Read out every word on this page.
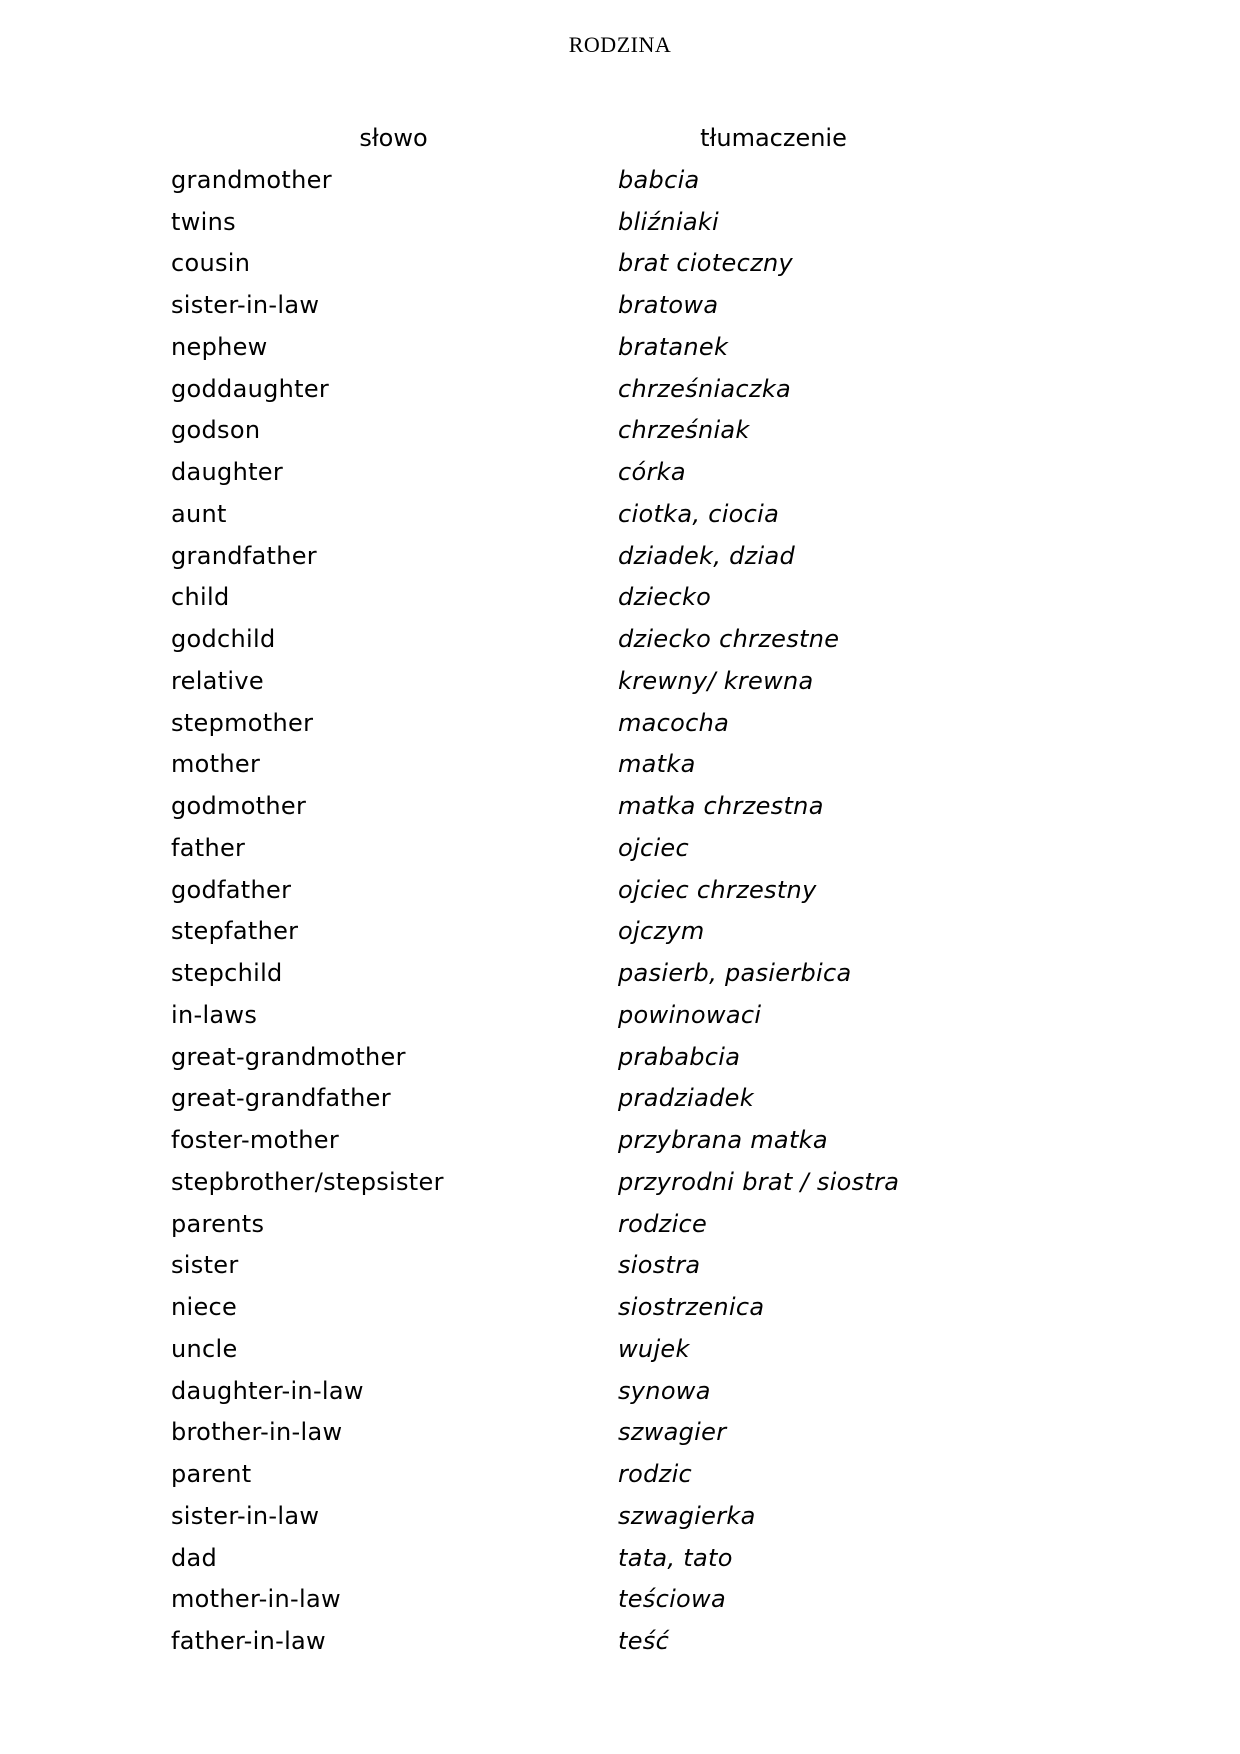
RODZINA
słowo	tłumaczenie
grandmother	babcia
twins	bliźniaki
cousin	brat cioteczny
sister-in-law	bratowa
nephew	bratanek
goddaughter	chrześniaczka
godson	chrześniak
daughter	córka
aunt	ciotka, ciocia
grandfather	dziadek, dziad
child	dziecko
godchild	dziecko chrzestne
relative	krewny/ krewna
stepmother	macocha
mother	matka
godmother	matka chrzestna
father	ojciec
godfather	ojciec chrzestny
stepfather	ojczym
stepchild	pasierb, pasierbica
in-laws	powinowaci
great-grandmother	prababcia
great-grandfather	pradziadek
foster-mother	przybrana matka
stepbrother/stepsister	przyrodni brat / siostra
parents	rodzice
sister	siostra
niece	siostrzenica
uncle	wujek
daughter-in-law	synowa
brother-in-law	szwagier
parent	rodzic
sister-in-law	szwagierka
dad	tata, tato
mother-in-law	teściowa
father-in-law	teść
